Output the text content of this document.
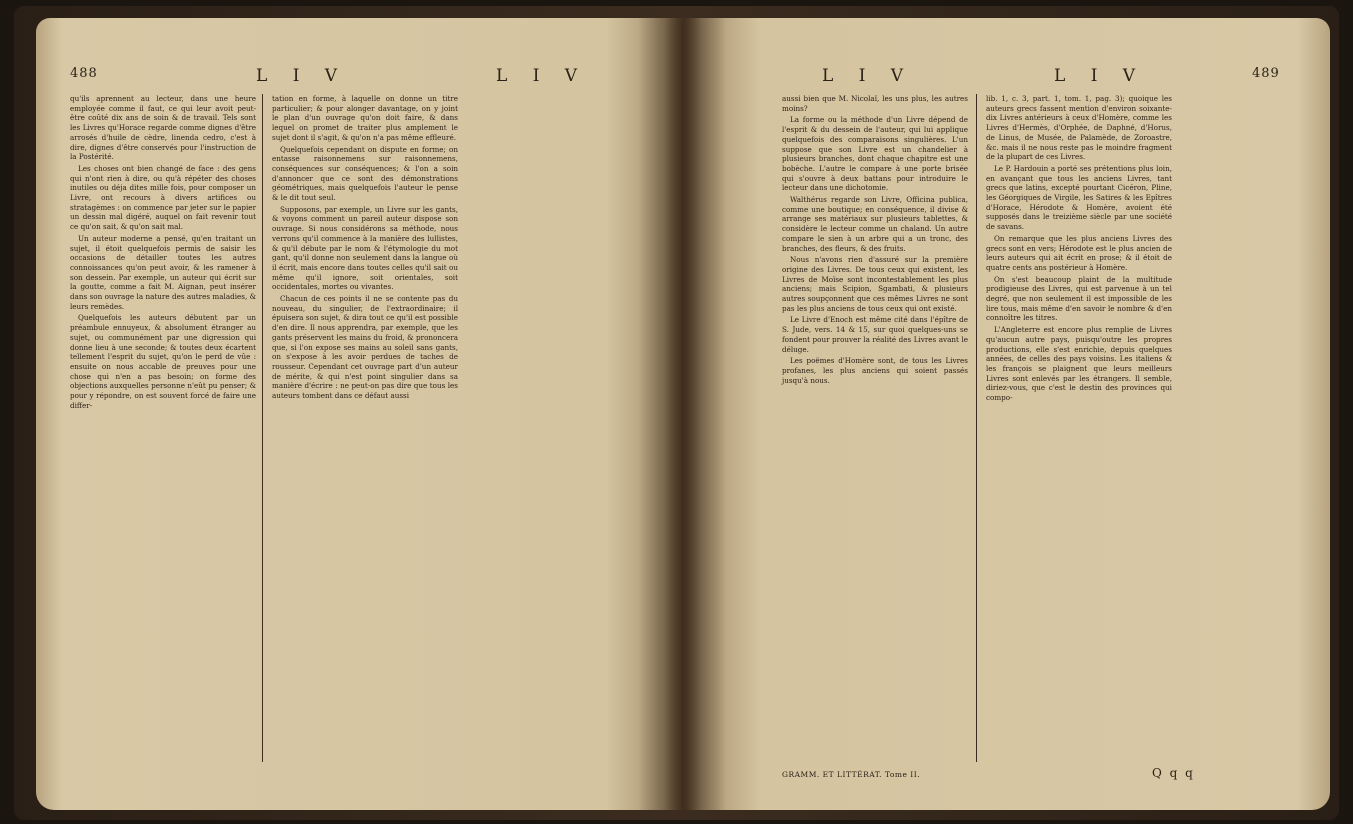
488	L I V	L I V

qu'ils aprennent au lecteur, dans une heure employée comme il faut, ce qui leur avoit peut-être coûté dix ans de soin & de travail. Tels sont les Livres qu'Horace regarde comme dignes d'être arrosés d'huile de cèdre, linenda cedro, c'est à dire, dignes d'être conservés pour l'instruction de la Postérité.

Les choses ont bien changé de face : des gens qui n'ont rien à dire, ou qu'à répéter des choses inutiles ou déja dites mille fois, pour composer un Livre, ont recours à divers artifices ou stratagèmes : on commence par jeter sur le papier un dessin mal digéré, auquel on fait revenir tout ce qu'on sait, & qu'on sait mal.

Un auteur moderne a pensé, qu'en traitant un sujet, il étoit quelquefois permis de saisir les occasions de détailler toutes les autres connoissances qu'on peut avoir, & les ramener à son dessein. Par exemple, un auteur qui écrit sur la goutte, comme a fait M. Aignan, peut insérer dans son ouvrage la nature des autres maladies, & leurs remèdes.

Quelquefois les auteurs débutent par un préambule ennuyeux, & absolument étranger au sujet, ou communément par une digression qui donne lieu à une seconde; & toutes deux écartent tellement l'esprit du sujet, qu'on le perd de vûe : ensuite on nous accable de preuves pour une chose qui n'en a pas besoin; on forme des objections auxquelles personne n'eût pu penser; & pour y répondre, on est souvent forcé de faire une differ-

tation en forme, à laquelle on donne un titre particulier; & pour alonger davantage, on y joint le plan d'un ouvrage qu'on doit faire, & dans lequel on promet de traiter plus amplement le sujet dont il s'agit, & qu'on n'a pas même effleuré.

Quelquefois cependant on dispute en forme; on entasse raisonnemens sur raisonnemens, conséquences sur conséquences; & l'on a soin d'annoncer que ce sont des démonstrations géométriques, mais quelquefois l'auteur le pense & le dit tout seul.

Supposons, par exemple, un Livre sur les gants, & voyons comment un pareil auteur dispose son ouvrage. Si nous considérons sa méthode, nous verrons qu'il commence à la manière des lullistes, & qu'il débute par le nom & l'étymologie du mot gant, qu'il donne non seulement dans la langue où il écrit, mais encore dans toutes celles qu'il sait ou même qu'il ignore, soit orientales, soit occidentales, mortes ou vivantes.

Chacun de ces points il ne se contente pas du nouveau, du singulier, de l'extraordinaire; il épuisera son sujet, & dira tout ce qu'il est possible d'en dire. Il nous apprendra, par exemple, que les gants préservent les mains du froid, & prononcera que, si l'on expose ses mains au soleil sans gants, on s'expose à les avoir perdues de taches de rousseur. Cependant cet ouvrage part d'un auteur de mérite, & qui n'est point singulier dans sa manière d'écrire : ne peut-on pas dire que tous les auteurs tombent dans ce défaut aussi

L I V	L I V	489

aussi bien que M. Nicolaï, les uns plus, les autres moins?

La forme ou la méthode d'un Livre dépend de l'esprit & du dessein de l'auteur, qui lui applique quelquefois des comparaisons singulières. L'un suppose que son Livre est un chandelier à plusieurs branches, dont chaque chapitre est une bobèche. L'autre le compare à une porte brisée qui s'ouvre à deux battans pour introduire le lecteur dans une dichotomie.

Walthérus regarde son Livre, Officina publica, comme une boutique; en conséquence, il divise & arrange ses matériaux sur plusieurs tablettes, & considère le lecteur comme un chaland. Un autre compare le sien à un arbre qui a un tronc, des branches, des fleurs, & des fruits.

Nous n'avons rien d'assuré sur la première origine des Livres. De tous ceux qui existent, les Livres de Moïse sont incontestablement les plus anciens; mais Scipion, Sgambati, & plusieurs autres soupçonnent que ces mêmes Livres ne sont pas les plus anciens de tous ceux qui ont existé.

Le Livre d'Enoch est même cité dans l'épître de S. Jude, vers. 14 & 15, sur quoi quelques-uns se fondent pour prouver la réalité des Livres avant le déluge.

Les poëmes d'Homère sont, de tous les Livres profanes, les plus anciens qui soient passés jusqu'à nous.

lib. 1, c. 3, part. 1, tom. 1, pag. 3); quoique les auteurs grecs fassent mention d'environ soixante-dix Livres antérieurs à ceux d'Homère, comme les Livres d'Hermès, d'Orphée, de Daphné, d'Horus, de Linus, de Musée, de Palamède, de Zoroastre, &c. mais il ne nous reste pas le moindre fragment de la plupart de ces Livres.

Le P. Hardouin a porté ses prétentions plus loin, en avançant que tous les anciens Livres, tant grecs que latins, excepté pourtant Cicéron, Pline, les Géorgiques de Virgile, les Satires & les Epîtres d'Horace, Hérodote & Homère, avoient été supposés dans le treizième siècle par une société de savans.

On remarque que les plus anciens Livres des grecs sont en vers; Hérodote est le plus ancien de leurs auteurs qui ait écrit en prose; & il étoit de quatre cents ans postérieur à Homère.

On s'est beaucoup plaint de la multitude prodigieuse des Livres, qui est parvenue à un tel degré, que non seulement il est impossible de les lire tous, mais même d'en savoir le nombre & d'en connoître les titres.

L'Angleterre est encore plus remplie de Livres qu'aucun autre pays, puisqu'outre les propres productions, elle s'est enrichie, depuis quelques années, de celles des pays voisins. Les italiens & les françois se plaignent que leurs meilleurs Livres sont enlevés par les étrangers. Il semble, diriez-vous, que c'est le destin des provinces qui compo-

GRAMM. ET LITTÉRAT. Tome II.	Q q q
